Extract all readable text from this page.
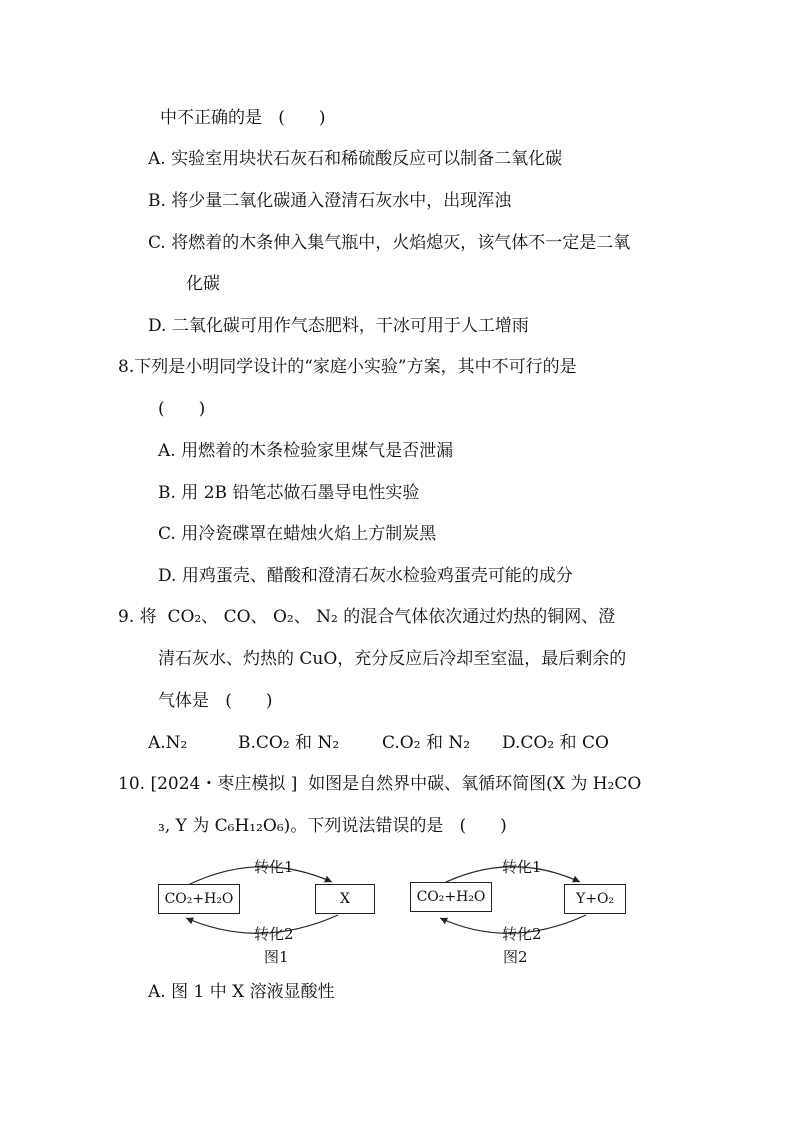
中不正确的是 (　　)
A. 实验室用块状石灰石和稀硫酸反应可以制备二氧化碳
B. 将少量二氧化碳通入澄清石灰水中，出现浑浊
C. 将燃着的木条伸入集气瓶中，火焰熄灭，该气体不一定是二氧
化碳
D. 二氧化碳可用作气态肥料，干冰可用于人工增雨
8.下列是小明同学设计的“家庭小实验”方案，其中不可行的是
(　　)
A. 用燃着的木条检验家里煤气是否泄漏
B. 用 2B 铅笔芯做石墨导电性实验
C. 用冷瓷碟罩在蜡烛火焰上方制炭黑
D. 用鸡蛋壳、醋酸和澄清石灰水检验鸡蛋壳可能的成分
9. 将 CO₂、 CO、 O₂、 N₂ 的混合气体依次通过灼热的铜网、澄
清石灰水、灼热的 CuO，充分反应后冷却至室温，最后剩余的
气体是 (　　)
A.N₂	B.CO₂ 和 N₂	C.O₂ 和 N₂ D.CO₂ 和 CO
10. [2024・枣庄模拟 ] 如图是自然界中碳、氧循环简图(X 为 H₂CO
₃, Y 为 C₆H₁₂O₆)。下列说法错误的是 (　　)
CO₂+H₂O	X
转化1
转化2
图1
CO₂+H₂O	Y+O₂
转化1
转化2
图2
A. 图 1 中 X 溶液显酸性
